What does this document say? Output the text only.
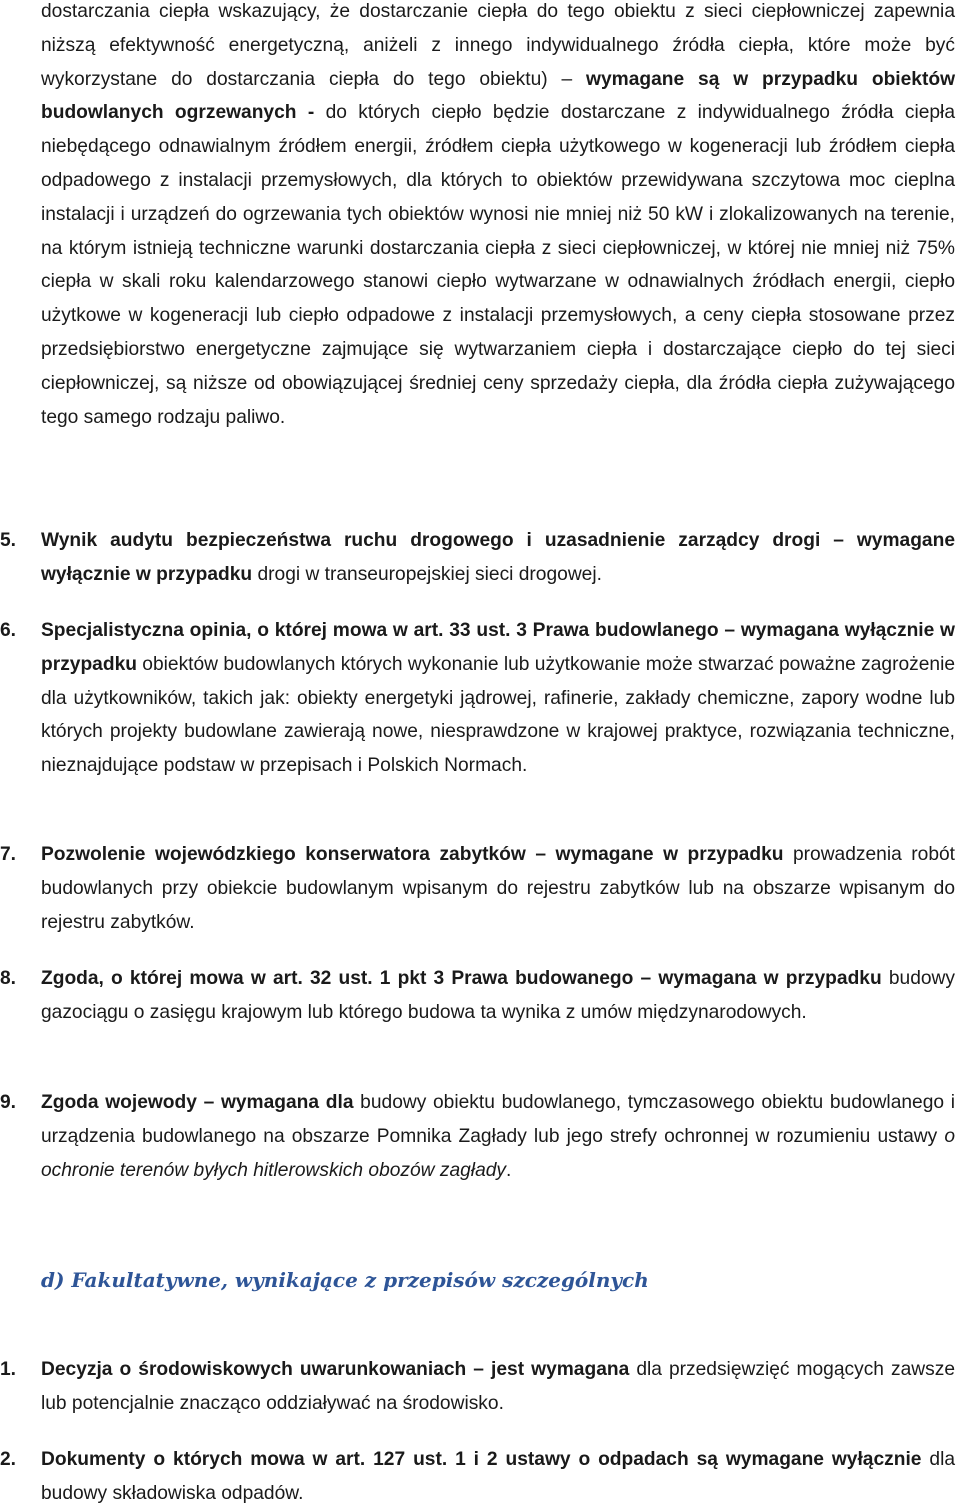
dostarczania ciepła wskazujący, że dostarczanie ciepła do tego obiektu z sieci ciepłowniczej zapewnia niższą efektywność energetyczną, aniżeli z innego indywidualnego źródła ciepła, które może być wykorzystane do dostarczania ciepła do tego obiektu) – wymagane są w przypadku obiektów budowlanych ogrzewanych - do których ciepło będzie dostarczane z indywidualnego źródła ciepła niebędącego odnawialnym źródłem energii, źródłem ciepła użytkowego w kogeneracji lub źródłem ciepła odpadowego z instalacji przemysłowych, dla których to obiektów przewidywana szczytowa moc cieplna instalacji i urządzeń do ogrzewania tych obiektów wynosi nie mniej niż 50 kW i zlokalizowanych na terenie, na którym istnieją techniczne warunki dostarczania ciepła z sieci ciepłowniczej, w której nie mniej niż 75% ciepła w skali roku kalendarzowego stanowi ciepło wytwarzane w odnawialnych źródłach energii, ciepło użytkowe w kogeneracji lub ciepło odpadowe z instalacji przemysłowych, a ceny ciepła stosowane przez przedsiębiorstwo energetyczne zajmujące się wytwarzaniem ciepła i dostarczające ciepło do tej sieci ciepłowniczej, są niższe od obowiązującej średniej ceny sprzedaży ciepła, dla źródła ciepła zużywającego tego samego rodzaju paliwo.

5. Wynik audytu bezpieczeństwa ruchu drogowego i uzasadnienie zarządcy drogi – wymagane wyłącznie w przypadku drogi w transeuropejskiej sieci drogowej.

6. Specjalistyczna opinia, o której mowa w art. 33 ust. 3 Prawa budowlanego – wymagana wyłącznie w przypadku obiektów budowlanych których wykonanie lub użytkowanie może stwarzać poważne zagrożenie dla użytkowników, takich jak: obiekty energetyki jądrowej, rafinerie, zakłady chemiczne, zapory wodne lub których projekty budowlane zawierają nowe, niesprawdzone w krajowej praktyce, rozwiązania techniczne, nieznajdujące podstaw w przepisach i Polskich Normach.

7. Pozwolenie wojewódzkiego konserwatora zabytków – wymagane w przypadku prowadzenia robót budowlanych przy obiekcie budowlanym wpisanym do rejestru zabytków lub na obszarze wpisanym do rejestru zabytków.

8. Zgoda, o której mowa w art. 32 ust. 1 pkt 3 Prawa budowanego – wymagana w przypadku budowy gazociągu o zasięgu krajowym lub którego budowa ta wynika z umów międzynarodowych.

9. Zgoda wojewody – wymagana dla budowy obiektu budowlanego, tymczasowego obiektu budowlanego i urządzenia budowlanego na obszarze Pomnika Zagłady lub jego strefy ochronnej w rozumieniu ustawy o ochronie terenów byłych hitlerowskich obozów zagłady.

d) Fakultatywne, wynikające z przepisów szczególnych
1. Decyzja o środowiskowych uwarunkowaniach – jest wymagana dla przedsięwzięć mogących zawsze lub potencjalnie znacząco oddziaływać na środowisko.

2. Dokumenty o których mowa w art. 127 ust. 1 i 2 ustawy o odpadach są wymagane wyłącznie dla budowy składowiska odpadów.
